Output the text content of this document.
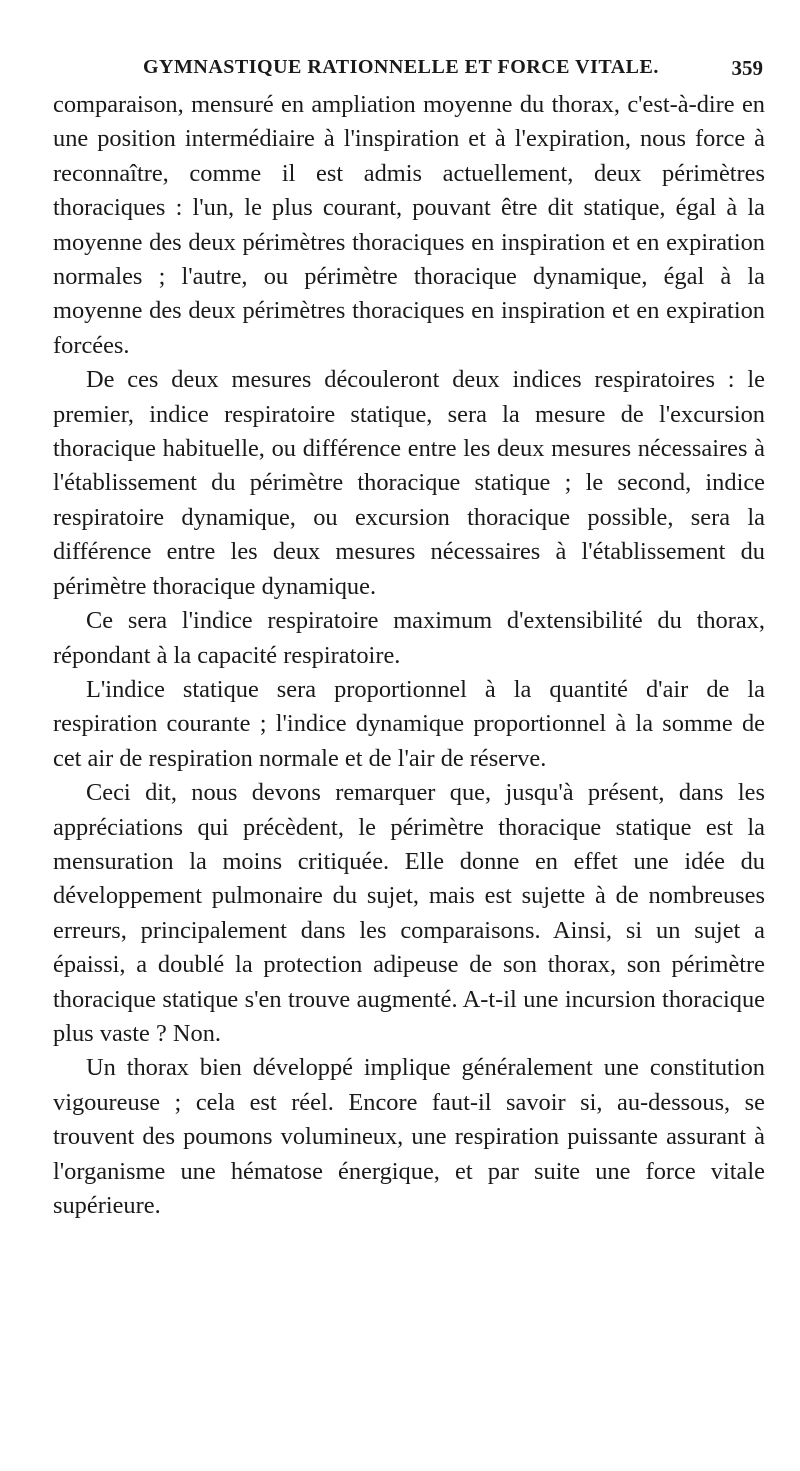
GYMNASTIQUE RATIONNELLE ET FORCE VITALE.	359

comparaison, mensuré en ampliation moyenne du thorax, c'est-à-dire en une position intermédiaire à l'inspiration et à l'expiration, nous force à reconnaître, comme il est admis actuellement, deux périmètres thoraciques : l'un, le plus courant, pouvant être dit statique, égal à la moyenne des deux périmètres thoraciques en inspiration et en expiration normales ; l'autre, ou périmètre thoracique dynamique, égal à la moyenne des deux périmètres thoraciques en inspiration et en expiration forcées.

De ces deux mesures découleront deux indices respiratoires : le premier, indice respiratoire statique, sera la mesure de l'excursion thoracique habituelle, ou différence entre les deux mesures nécessaires à l'établissement du périmètre thoracique statique ; le second, indice respiratoire dynamique, ou excursion thoracique possible, sera la différence entre les deux mesures nécessaires à l'établissement du périmètre thoracique dynamique.

Ce sera l'indice respiratoire maximum d'extensibilité du thorax, répondant à la capacité respiratoire.

L'indice statique sera proportionnel à la quantité d'air de la respiration courante ; l'indice dynamique proportionnel à la somme de cet air de respiration normale et de l'air de réserve.

Ceci dit, nous devons remarquer que, jusqu'à présent, dans les appréciations qui précèdent, le périmètre thoracique statique est la mensuration la moins critiquée. Elle donne en effet une idée du développement pulmonaire du sujet, mais est sujette à de nombreuses erreurs, principalement dans les comparaisons. Ainsi, si un sujet a épaissi, a doublé la protection adipeuse de son thorax, son périmètre thoracique statique s'en trouve augmenté. A-t-il une incursion thoracique plus vaste ? Non.

Un thorax bien développé implique généralement une constitution vigoureuse ; cela est réel. Encore faut-il savoir si, au-dessous, se trouvent des poumons volumineux, une respiration puissante assurant à l'organisme une hématose énergique, et par suite une force vitale supérieure.
